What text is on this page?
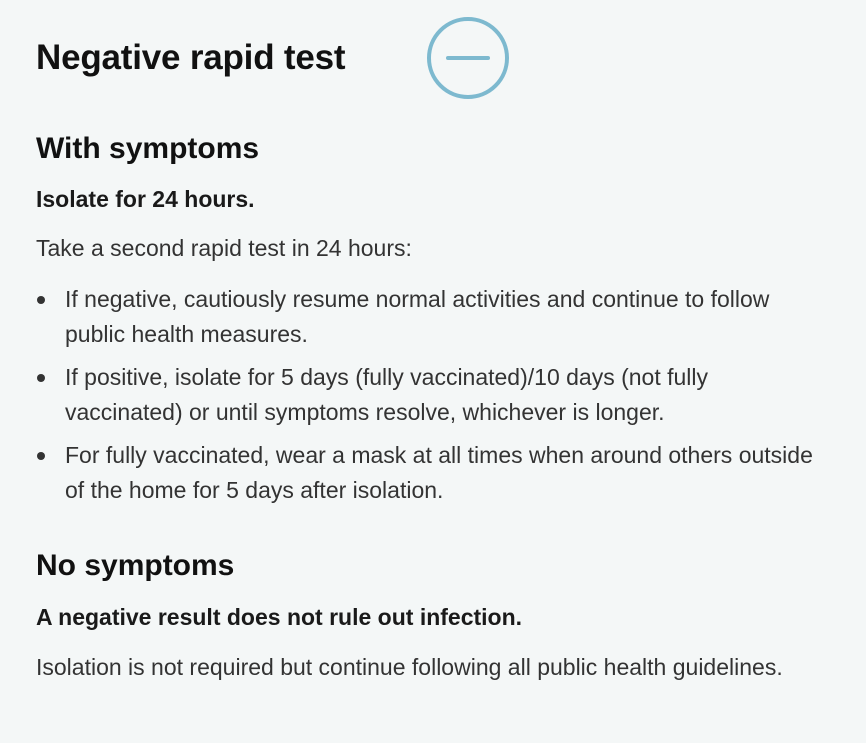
Negative rapid test
With symptoms

Isolate for 24 hours.

Take a second rapid test in 24 hours:

If negative, cautiously resume normal activities and continue to follow public health measures.
If positive, isolate for 5 days (fully vaccinated)/10 days (not fully vaccinated) or until symptoms resolve, whichever is longer.
For fully vaccinated, wear a mask at all times when around others outside of the home for 5 days after isolation.
No symptoms

A negative result does not rule out infection.

Isolation is not required but continue following all public health guidelines.
